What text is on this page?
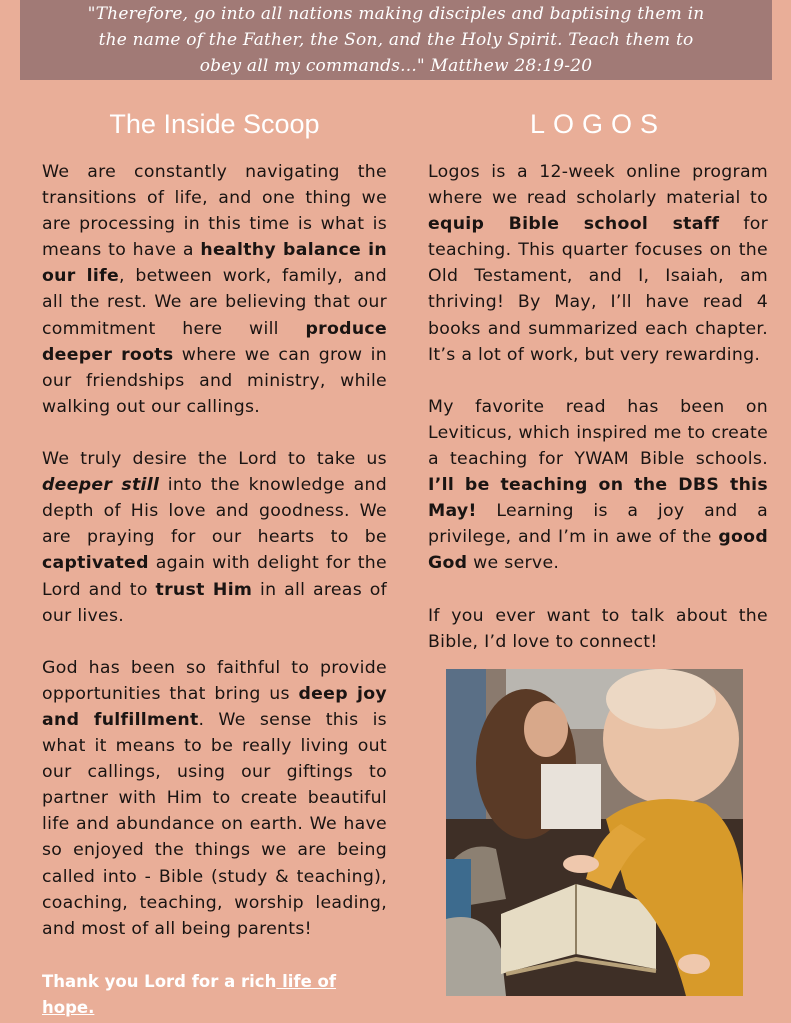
"Therefore, go into all nations making disciples and baptising them in
the name of the Father, the Son, and the Holy Spirit. Teach them to
obey all my commands..." Matthew 28:19-20
The Inside Scoop	LOGOS

We are constantly navigating the transitions of life, and one thing we are processing in this time is what is means to have a healthy balance in our life, between work, family, and all the rest. We are believing that our commitment here will produce deeper roots where we can grow in our friendships and ministry, while walking out our callings.

We truly desire the Lord to take us deeper still into the knowledge and depth of His love and goodness. We are praying for our hearts to be captivated again with delight for the Lord and to trust Him in all areas of our lives.

God has been so faithful to provide opportunities that bring us deep joy and fulfillment. We sense this is what it means to be really living out our callings, using our giftings to partner with Him to create beautiful life and abundance on earth. We have so enjoyed the things we are being called into - Bible (study & teaching), coaching, teaching, worship leading, and most of all being parents!

Thank you Lord for a rich life of hope.

Logos is a 12-week online program where we read scholarly material to equip Bible school staff for teaching. This quarter focuses on the Old Testament, and I, Isaiah, am thriving! By May, I’ll have read 4 books and summarized each chapter. It’s a lot of work, but very rewarding.

My favorite read has been on Leviticus, which inspired me to create a teaching for YWAM Bible schools. I’ll be teaching on the DBS this May! Learning is a joy and a privilege, and I’m in awe of the good God we serve.

If you ever want to talk about the Bible, I’d love to connect!
